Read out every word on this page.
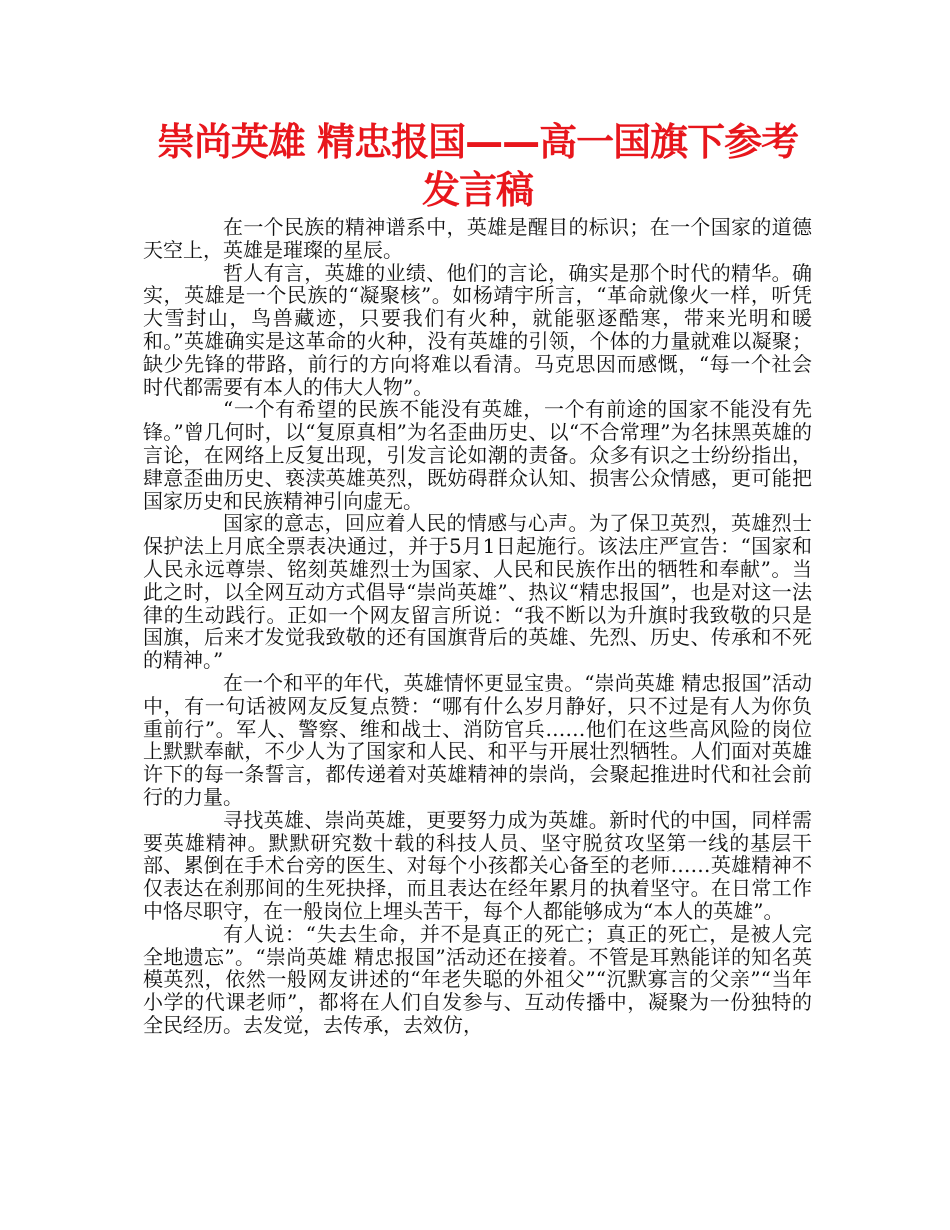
崇尚英雄 精忠报国——高一国旗下参考发言稿

在一个民族的精神谱系中，英雄是醒目的标识；在一个国家的道德天空上，英雄是璀璨的星辰。

哲人有言，英雄的业绩、他们的言论，确实是那个时代的精华。确实，英雄是一个民族的“凝聚核”。如杨靖宇所言，“革命就像火一样，听凭大雪封山，鸟兽藏迹，只要我们有火种，就能驱逐酷寒，带来光明和暖和。”英雄确实是这革命的火种，没有英雄的引领，个体的力量就难以凝聚；缺少先锋的带路，前行的方向将难以看清。马克思因而感慨，“每一个社会时代都需要有本人的伟大人物”。

“一个有希望的民族不能没有英雄，一个有前途的国家不能没有先锋。”曾几何时，以“复原真相”为名歪曲历史、以“不合常理”为名抹黑英雄的言论，在网络上反复出现，引发言论如潮的责备。众多有识之士纷纷指出，肆意歪曲历史、亵渎英雄英烈，既妨碍群众认知、损害公众情感，更可能把国家历史和民族精神引向虚无。

国家的意志，回应着人民的情感与心声。为了保卫英烈，英雄烈士保护法上月底全票表决通过，并于5月1日起施行。该法庄严宣告：“国家和人民永远尊崇、铭刻英雄烈士为国家、人民和民族作出的牺牲和奉献”。当此之时，以全网互动方式倡导“崇尚英雄”、热议“精忠报国”，也是对这一法律的生动践行。正如一个网友留言所说：“我不断以为升旗时我致敬的只是国旗，后来才发觉我致敬的还有国旗背后的英雄、先烈、历史、传承和不死的精神。”

在一个和平的年代，英雄情怀更显宝贵。“崇尚英雄 精忠报国”活动中，有一句话被网友反复点赞：“哪有什么岁月静好，只不过是有人为你负重前行”。军人、警察、维和战士、消防官兵……他们在这些高风险的岗位上默默奉献，不少人为了国家和人民、和平与开展壮烈牺牲。人们面对英雄许下的每一条誓言，都传递着对英雄精神的崇尚，会聚起推进时代和社会前行的力量。

寻找英雄、崇尚英雄，更要努力成为英雄。新时代的中国，同样需要英雄精神。默默研究数十载的科技人员、坚守脱贫攻坚第一线的基层干部、累倒在手术台旁的医生、对每个小孩都关心备至的老师……英雄精神不仅表达在刹那间的生死抉择，而且表达在经年累月的执着坚守。在日常工作中恪尽职守，在一般岗位上埋头苦干，每个人都能够成为“本人的英雄”。

有人说：“失去生命，并不是真正的死亡；真正的死亡，是被人完全地遗忘”。“崇尚英雄 精忠报国”活动还在接着。不管是耳熟能详的知名英模英烈，依然一般网友讲述的“年老失聪的外祖父”“沉默寡言的父亲”“当年小学的代课老师”，都将在人们自发参与、互动传播中，凝聚为一份独特的全民经历。去发觉，去传承，去效仿，
